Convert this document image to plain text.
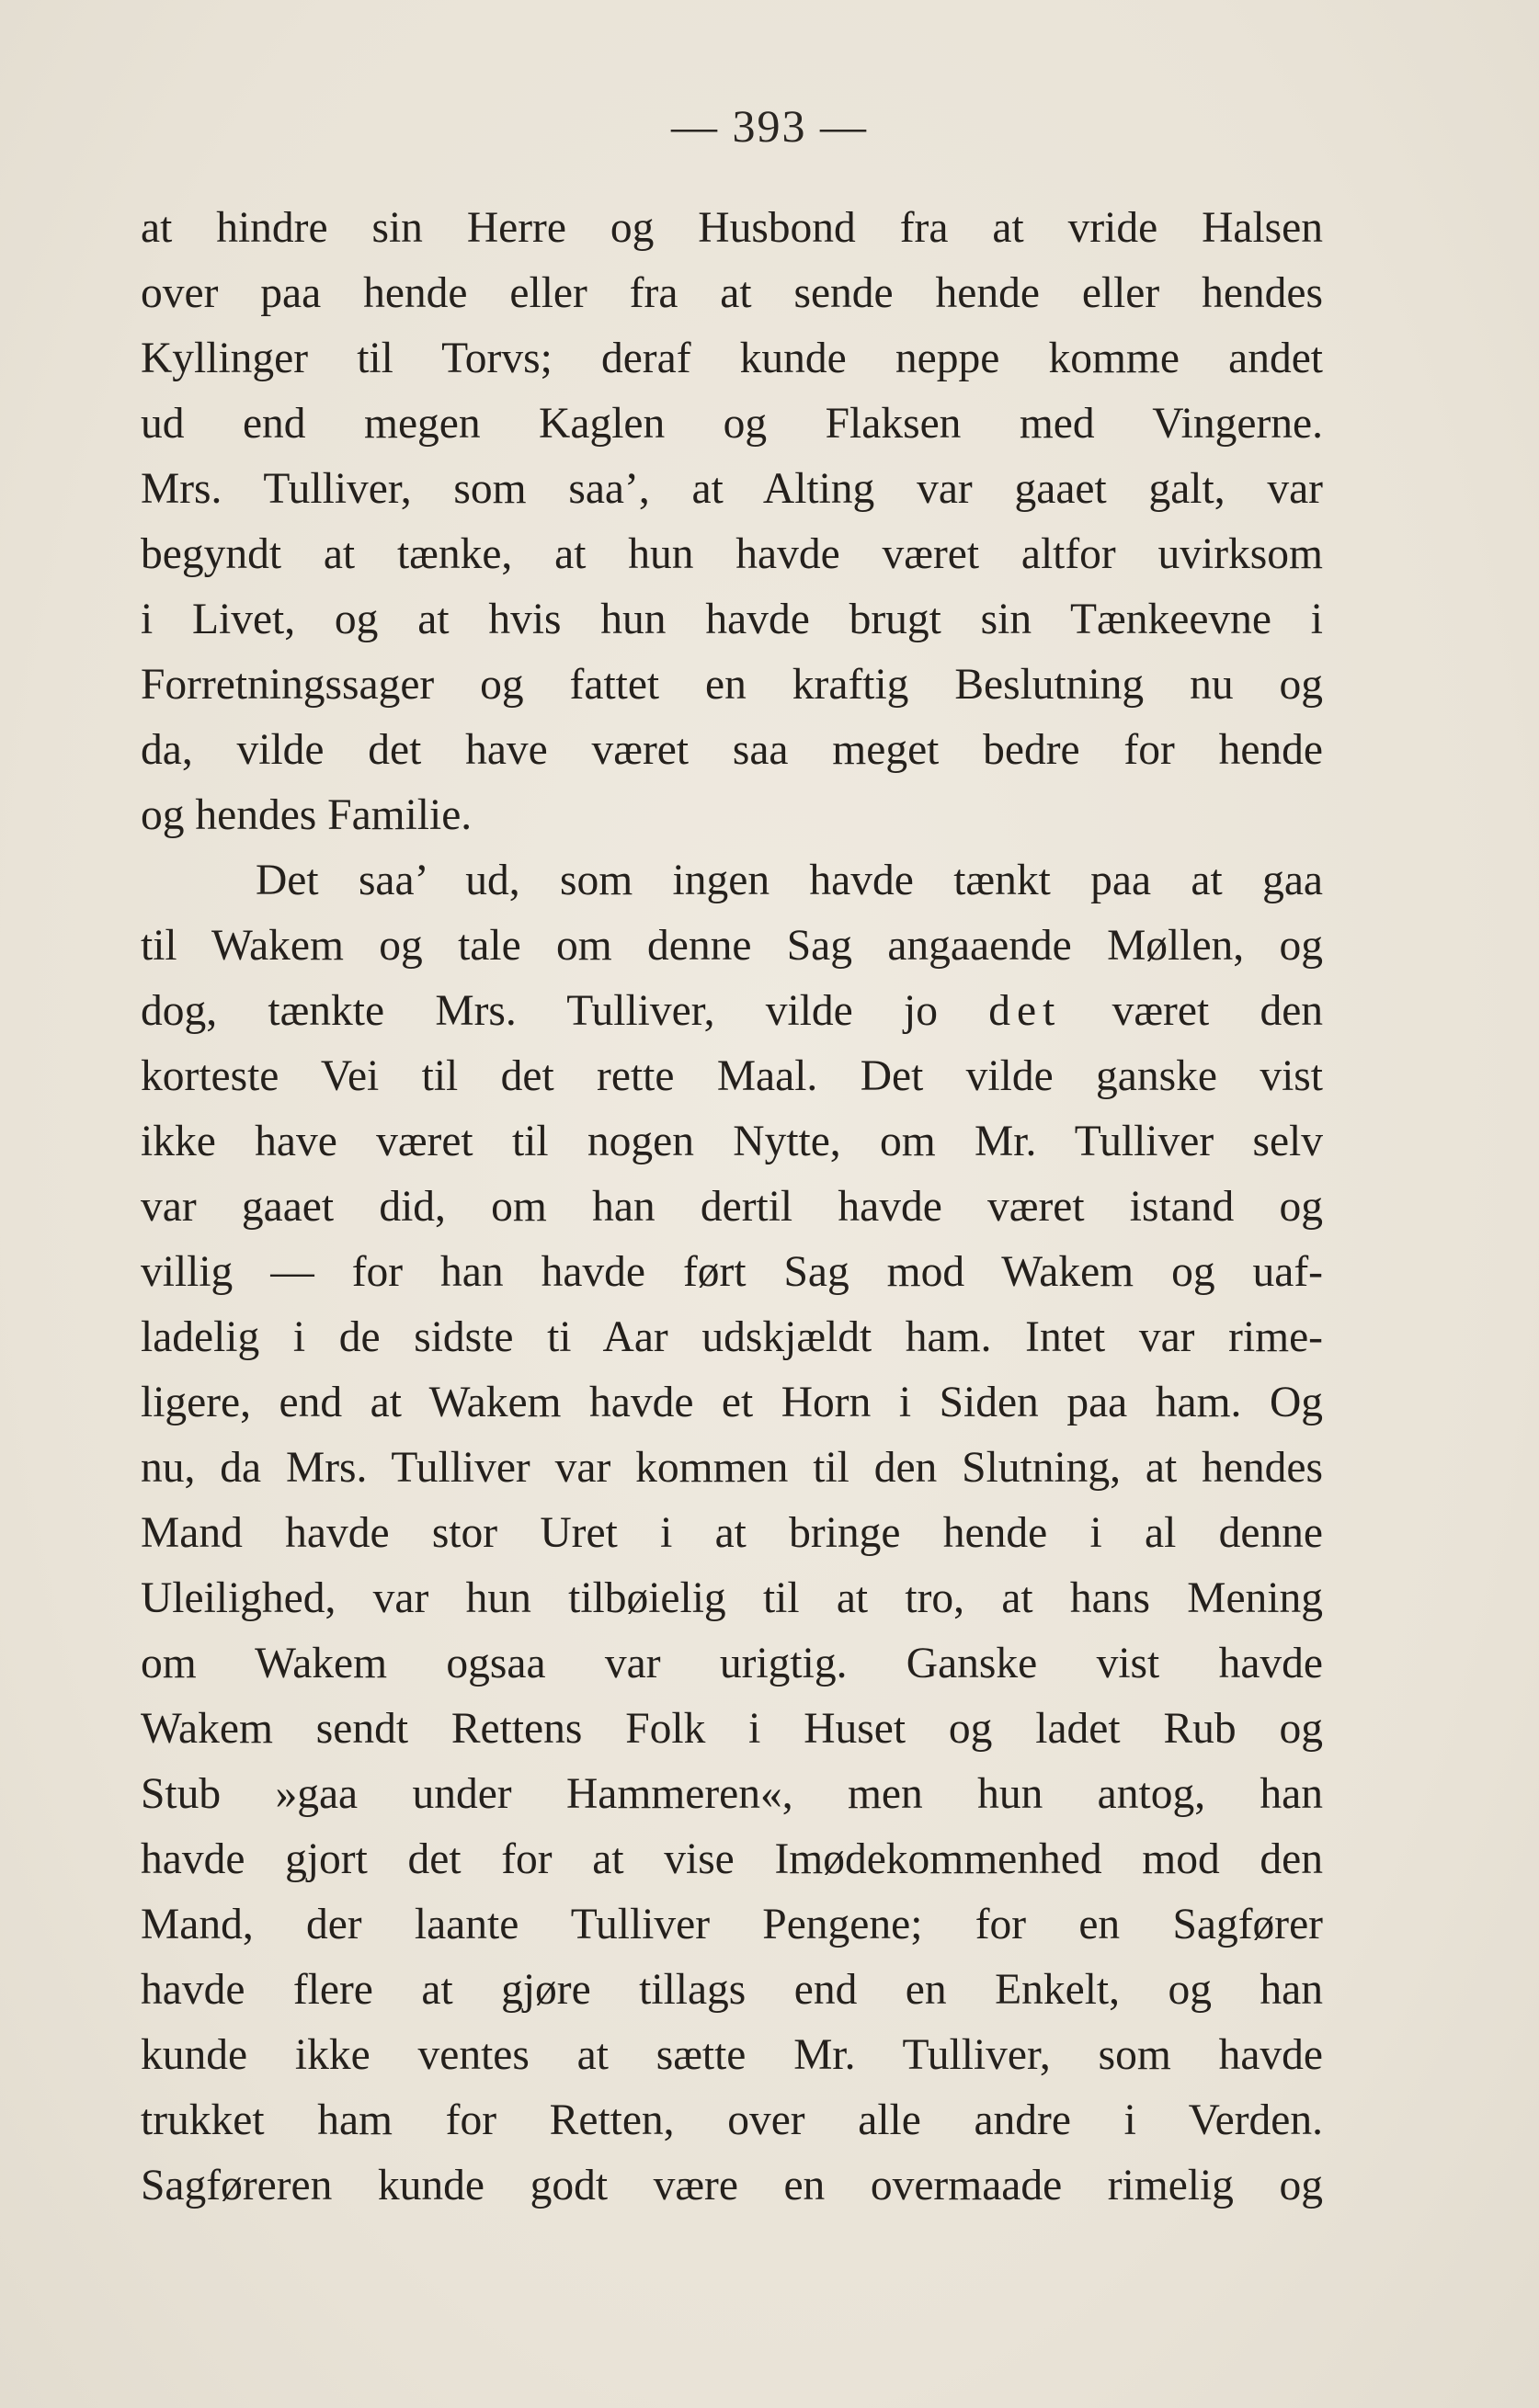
— 393 —
at hindre sin Herre og Husbond fra at vride Halsen
over paa hende eller fra at sende hende eller hendes
Kyllinger til Torvs; deraf kunde neppe komme andet
ud end megen Kaglen og Flaksen med Vingerne.
Mrs. Tulliver, som saa’, at Alting var gaaet galt, var
begyndt at tænke, at hun havde været altfor uvirksom
i Livet, og at hvis hun havde brugt sin Tænkeevne i
Forretningssager og fattet en kraftig Beslutning nu og
da, vilde det have været saa meget bedre for hende
og hendes Familie.
Det saa’ ud, som ingen havde tænkt paa at gaa
til Wakem og tale om denne Sag angaaende Møllen, og
dog, tænkte Mrs. Tulliver, vilde jo det været den
korteste Vei til det rette Maal. Det vilde ganske vist
ikke have været til nogen Nytte, om Mr. Tulliver selv
var gaaet did, om han dertil havde været istand og
villig — for han havde ført Sag mod Wakem og uaf-
ladelig i de sidste ti Aar udskjældt ham. Intet var rime-
ligere, end at Wakem havde et Horn i Siden paa ham. Og
nu, da Mrs. Tulliver var kommen til den Slutning, at hendes
Mand havde stor Uret i at bringe hende i al denne
Uleilighed, var hun tilbøielig til at tro, at hans Mening
om Wakem ogsaa var urigtig. Ganske vist havde
Wakem sendt Rettens Folk i Huset og ladet Rub og
Stub »gaa under Hammeren«, men hun antog, han
havde gjort det for at vise Imødekommenhed mod den
Mand, der laante Tulliver Pengene; for en Sagfører
havde flere at gjøre tillags end en Enkelt, og han
kunde ikke ventes at sætte Mr. Tulliver, som havde
trukket ham for Retten, over alle andre i Verden.
Sagføreren kunde godt være en overmaade rimelig og
